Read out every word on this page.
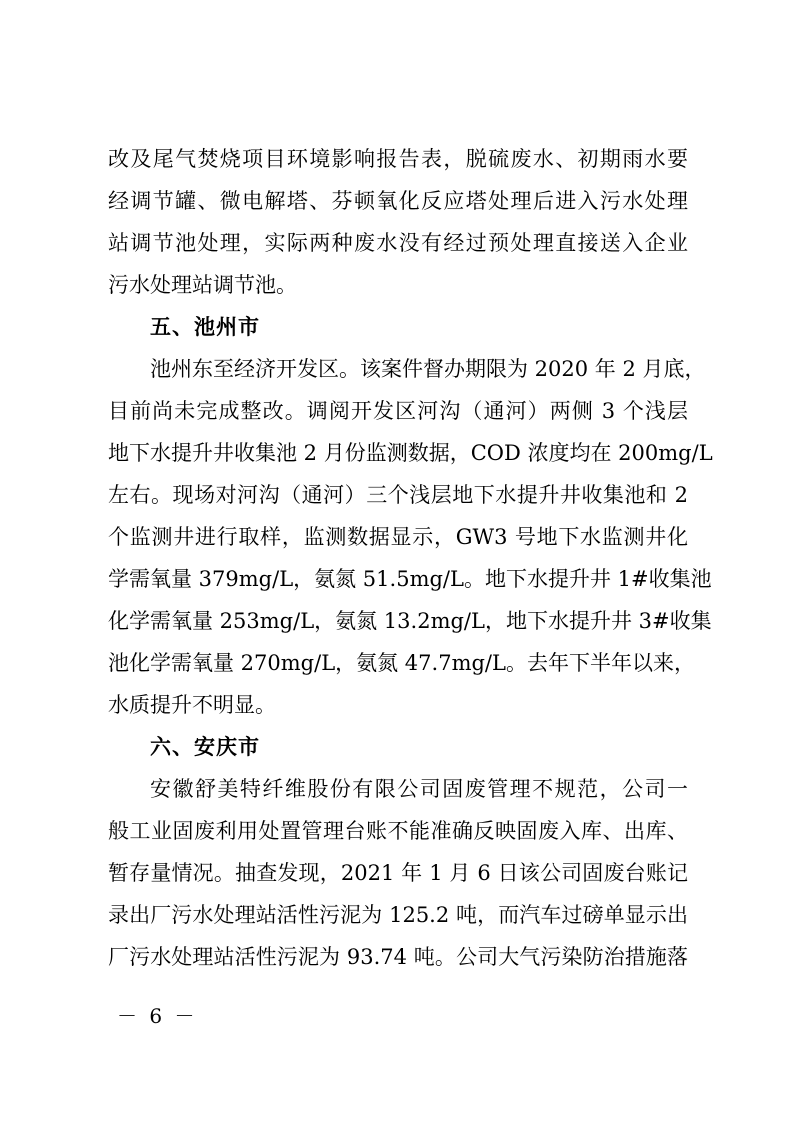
改及尾气焚烧项目环境影响报告表，脱硫废水、初期雨水要
经调节罐、微电解塔、芬顿氧化反应塔处理后进入污水处理
站调节池处理，实际两种废水没有经过预处理直接送入企业
污水处理站调节池。
五、池州市
池州东至经济开发区。该案件督办期限为 2020 年 2 月底，
目前尚未完成整改。调阅开发区河沟（通河）两侧 3 个浅层
地下水提升井收集池 2 月份监测数据，COD 浓度均在 200mg/L
左右。现场对河沟（通河）三个浅层地下水提升井收集池和 2
个监测井进行取样，监测数据显示，GW3 号地下水监测井化
学需氧量 379mg/L，氨氮 51.5mg/L。地下水提升井 1#收集池
化学需氧量 253mg/L，氨氮 13.2mg/L，地下水提升井 3#收集
池化学需氧量 270mg/L，氨氮 47.7mg/L。去年下半年以来，
水质提升不明显。
六、安庆市
安徽舒美特纤维股份有限公司固废管理不规范，公司一
般工业固废利用处置管理台账不能准确反映固废入库、出库、
暂存量情况。抽查发现，2021 年 1 月 6 日该公司固废台账记
录出厂污水处理站活性污泥为 125.2 吨，而汽车过磅单显示出
厂污水处理站活性污泥为 93.74 吨。公司大气污染防治措施落
－ 6 －
